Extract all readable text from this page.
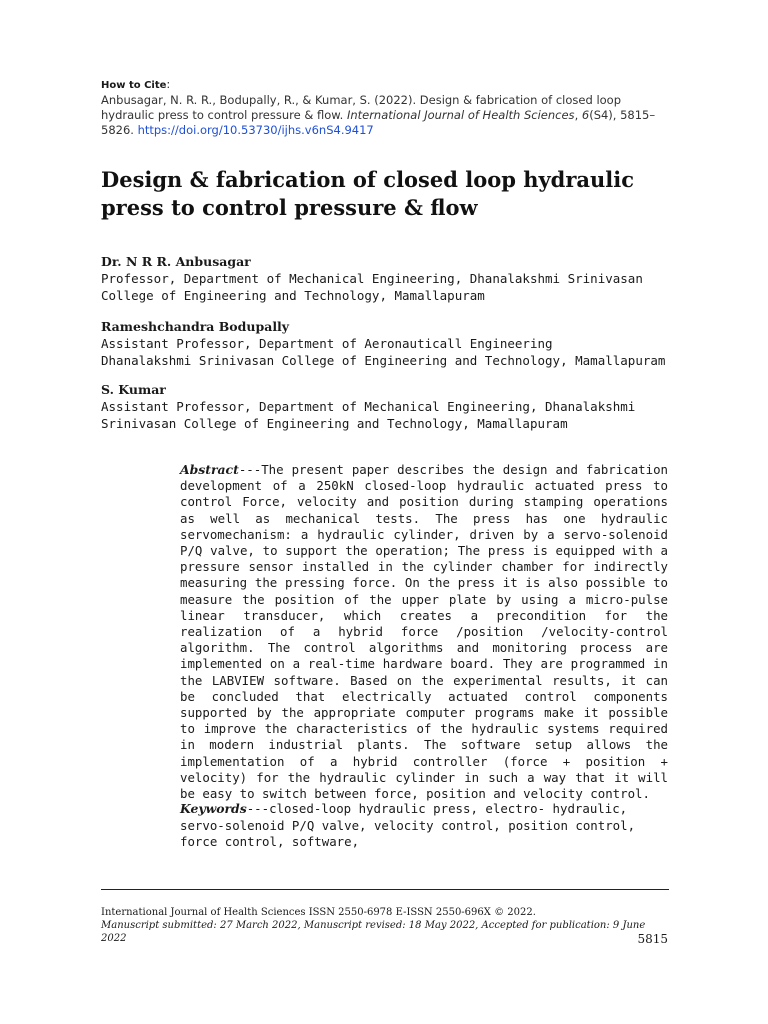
How to Cite:
Anbusagar, N. R. R., Bodupally, R., & Kumar, S. (2022). Design & fabrication of closed loop hydraulic press to control pressure & flow. International Journal of Health Sciences, 6(S4), 5815–5826. https://doi.org/10.53730/ijhs.v6nS4.9417
Design & fabrication of closed loop hydraulic
press to control pressure & flow
Dr. N R R. Anbusagar
Professor, Department of Mechanical Engineering, Dhanalakshmi Srinivasan
College of Engineering and Technology, Mamallapuram
Rameshchandra Bodupally
Assistant Professor, Department of Aeronauticall Engineering
Dhanalakshmi Srinivasan College of Engineering and Technology, Mamallapuram
S. Kumar
Assistant Professor, Department of Mechanical Engineering, Dhanalakshmi
Srinivasan College of Engineering and Technology, Mamallapuram
Abstract---The present paper describes the design and fabrication development of a 250kN closed-loop hydraulic actuated press to control Force, velocity and position during stamping operations as well as mechanical tests. The press has one hydraulic servomechanism: a hydraulic cylinder, driven by a servo-solenoid P/Q valve, to support the operation; The press is equipped with a pressure sensor installed in the cylinder chamber for indirectly measuring the pressing force. On the press it is also possible to measure the position of the upper plate by using a micro-pulse linear transducer, which creates a precondition for the realization of a hybrid force /position /velocity-control algorithm. The control algorithms and monitoring process are implemented on a real-time hardware board. They are programmed in the LABVIEW software. Based on the experimental results, it can be concluded that electrically actuated control components supported by the appropriate computer programs make it possible to improve the characteristics of the hydraulic systems required in modern industrial plants. The software setup allows the implementation of a hybrid controller (force + position + velocity) for the hydraulic cylinder in such a way that it will be easy to switch between force, position and velocity control.
Keywords---closed-loop hydraulic press, electro- hydraulic, servo-solenoid P/Q valve, velocity control, position control, force control, software,
International Journal of Health Sciences ISSN 2550-6978 E-ISSN 2550-696X © 2022.
Manuscript submitted: 27 March 2022, Manuscript revised: 18 May 2022, Accepted for publication: 9 June 2022	5815
